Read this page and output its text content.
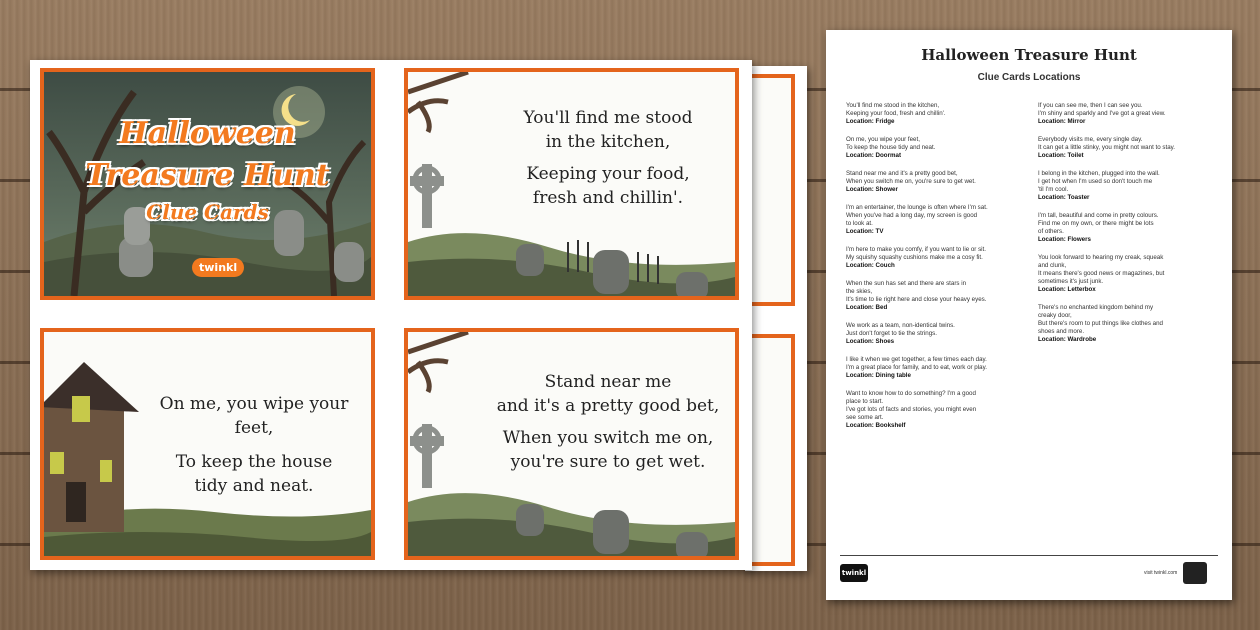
Halloween
Treasure Hunt
Clue Cards
twinkl
You'll find me stood
in the kitchen,
Keeping your food,
fresh and chillin'.
On me, you wipe your feet,
To keep the house
tidy and neat.
Stand near me
and it's a pretty good bet,
When you switch me on,
you're sure to get wet.
Halloween Treasure Hunt
Clue Cards Locations
You'll find me stood in the kitchen,
Keeping your food, fresh and chillin'.
Location: Fridge
On me, you wipe your feet,
To keep the house tidy and neat.
Location: Doormat
Stand near me and it's a pretty good bet,
When you switch me on, you're sure to get wet.
Location: Shower
I'm an entertainer, the lounge is often where I'm sat.
When you've had a long day, my screen is good
to look at.
Location: TV
I'm here to make you comfy, if you want to lie or sit.
My squishy squashy cushions make me a cosy fit.
Location: Couch
When the sun has set and there are stars in
the skies,
It's time to lie right here and close your heavy eyes.
Location: Bed
We work as a team, non-identical twins.
Just don't forget to tie the strings.
Location: Shoes
I like it when we get together, a few times each day.
I'm a great place for family, and to eat, work or play.
Location: Dining table
Want to know how to do something? I'm a good
place to start.
I've got lots of facts and stories, you might even
see some art.
Location: Bookshelf
If you can see me, then I can see you.
I'm shiny and sparkly and I've got a great view.
Location: Mirror
Everybody visits me, every single day.
It can get a little stinky, you might not want to stay.
Location: Toilet
I belong in the kitchen, plugged into the wall.
I get hot when I'm used so don't touch me
'til I'm cool.
Location: Toaster
I'm tall, beautiful and come in pretty colours.
Find me on my own, or there might be lots
of others.
Location: Flowers
You look forward to hearing my creak, squeak
and clunk,
It means there's good news or magazines, but
sometimes it's just junk.
Location: Letterbox
There's no enchanted kingdom behind my
creaky door,
But there's room to put things like clothes and
shoes and more.
Location: Wardrobe
twinkl	visit twinkl.com
